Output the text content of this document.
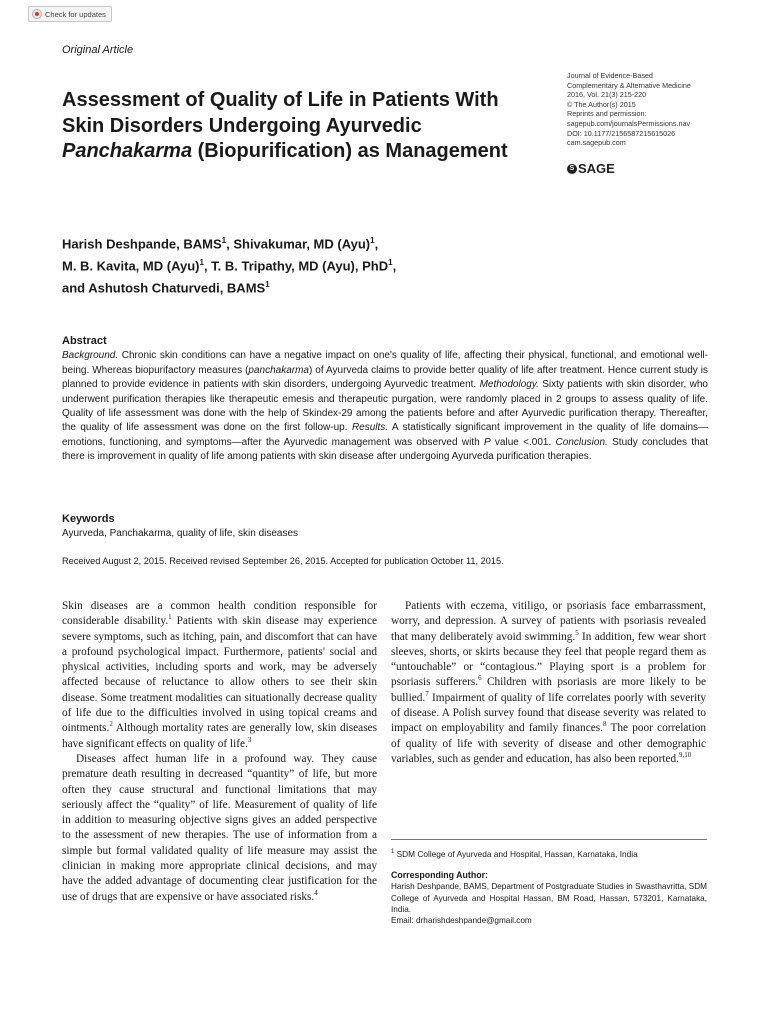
Check for updates
Original Article
Assessment of Quality of Life in Patients With Skin Disorders Undergoing Ayurvedic Panchakarma (Biopurification) as Management
Journal of Evidence-Based
Complementary & Alternative Medicine
2016, Vol. 21(3) 215-220
© The Author(s) 2015
Reprints and permission:
sagepub.com/journalsPermissions.nav
DOI: 10.1177/2156587215615026
cam.sagepub.com
S SAGE
Harish Deshpande, BAMS$^1$, Shivakumar, MD (Ayu)$^1$,
M. B. Kavita, MD (Ayu)$^1$, T. B. Tripathy, MD (Ayu), PhD$^1$,
and Ashutosh Chaturvedi, BAMS$^1$
Abstract
Background. Chronic skin conditions can have a negative impact on one's quality of life, affecting their physical, functional, and emotional well-being. Whereas biopurifactory measures (panchakarma) of Ayurveda claims to provide better quality of life after treatment. Hence current study is planned to provide evidence in patients with skin disorders, undergoing Ayurvedic treatment. Methodology. Sixty patients with skin disorder, who underwent purification therapies like therapeutic emesis and therapeutic purgation, were randomly placed in 2 groups to assess quality of life. Quality of life assessment was done with the help of Skindex-29 among the patients before and after Ayurvedic purification therapy. Thereafter, the quality of life assessment was done on the first follow-up. Results. A statistically significant improvement in the quality of life domains—emotions, functioning, and symptoms—after the Ayurvedic management was observed with P value <.001. Conclusion. Study concludes that there is improvement in quality of life among patients with skin disease after undergoing Ayurveda purification therapies.
Keywords
Ayurveda, Panchakarma, quality of life, skin diseases
Received August 2, 2015. Received revised September 26, 2015. Accepted for publication October 11, 2015.

Skin diseases are a common health condition responsible for considerable disability.$^1$ Patients with skin disease may experience severe symptoms, such as itching, pain, and discomfort that can have a profound psychological impact. Furthermore, patients' social and physical activities, including sports and work, may be adversely affected because of reluctance to allow others to see their skin disease. Some treatment modalities can situationally decrease quality of life due to the difficulties involved in using topical creams and ointments.$^2$ Although mortality rates are generally low, skin diseases have significant effects on quality of life.$^3$

Diseases affect human life in a profound way. They cause premature death resulting in decreased “quantity” of life, but more often they cause structural and functional limitations that may seriously affect the “quality” of life. Measurement of quality of life in addition to measuring objective signs gives an added perspective to the assessment of new therapies. The use of information from a simple but formal validated quality of life measure may assist the clinician in making more appropriate clinical decisions, and may have the added advantage of documenting clear justification for the use of drugs that are expensive or have associated risks.$^4$

Patients with eczema, vitiligo, or psoriasis face embarrassment, worry, and depression. A survey of patients with psoriasis revealed that many deliberately avoid swimming.$^5$ In addition, few wear short sleeves, shorts, or skirts because they feel that people regard them as “untouchable” or “contagious.” Playing sport is a problem for psoriasis sufferers.$^6$ Children with psoriasis are more likely to be bullied.$^7$ Impairment of quality of life correlates poorly with severity of disease. A Polish survey found that disease severity was related to impact on employability and family finances.$^8$ The poor correlation of quality of life with severity of disease and other demographic variables, such as gender and education, has also been reported.$^{9,10}$

$^1$ SDM College of Ayurveda and Hospital, Hassan, Karnataka, India
Corresponding Author:
Harish Deshpande, BAMS, Department of Postgraduate Studies in Swasthavritta, SDM College of Ayurveda and Hospital Hassan, BM Road, Hassan, 573201, Karnataka, India.
Email: drharishdeshpande@gmail.com
